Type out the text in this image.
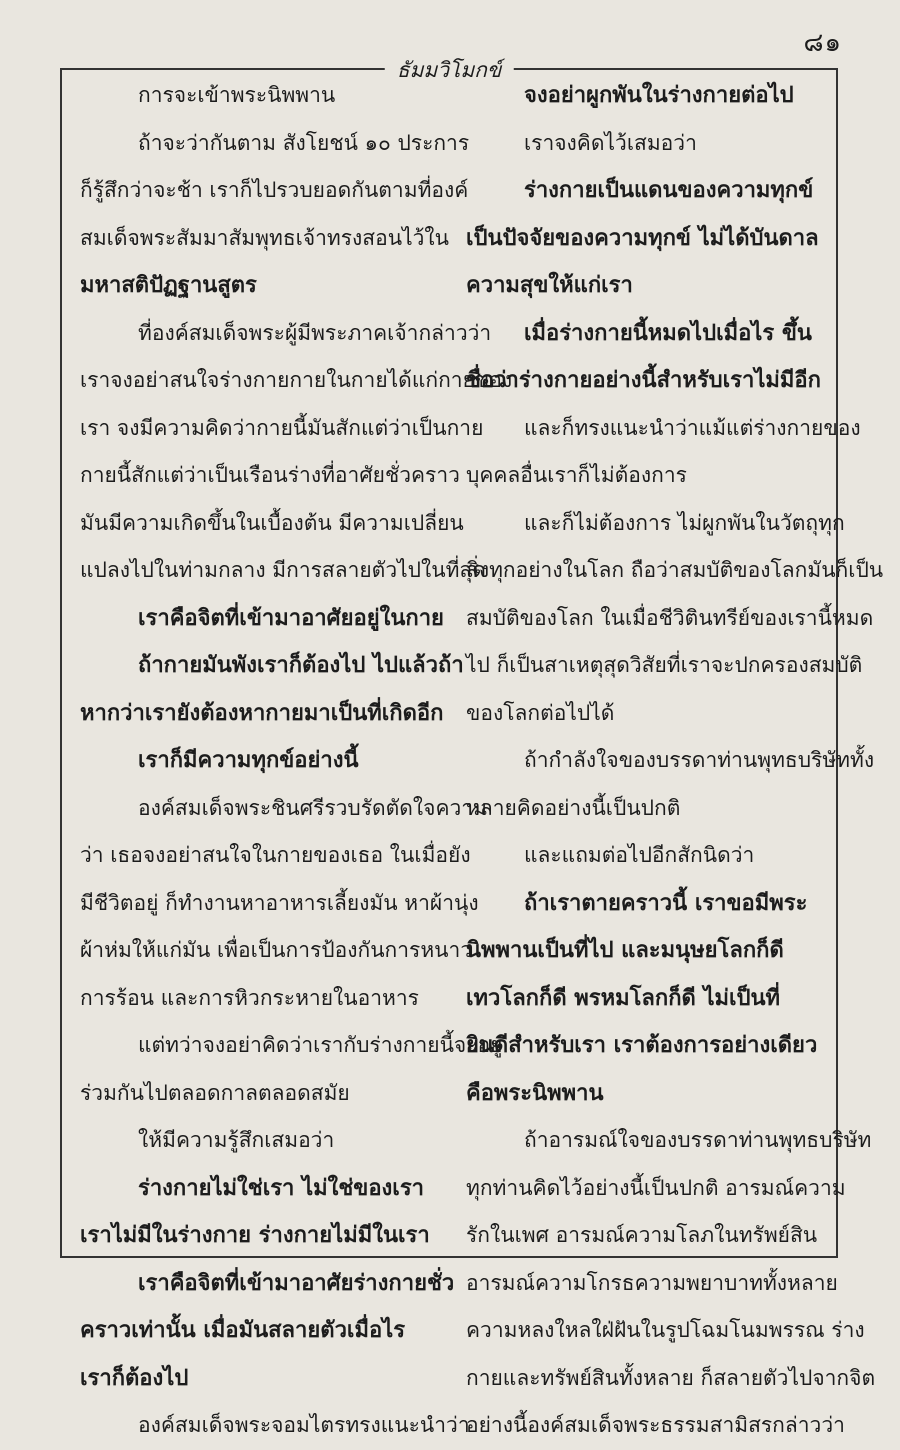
๘๑
ธัมมวิโมกข์
การจะเข้าพระนิพพาน
ถ้าจะว่ากันตาม สังโยชน์ ๑๐ ประการ
ก็รู้สึกว่าจะช้า เราก็ไปรวบยอดกันตามที่องค์
สมเด็จพระสัมมาสัมพุทธเจ้าทรงสอนไว้ใน
มหาสติปัฏฐานสูตร
ที่องค์สมเด็จพระผู้มีพระภาคเจ้ากล่าวว่า
เราจงอย่าสนใจร่างกายกายในกายได้แก่กายของ
เรา จงมีความคิดว่ากายนี้มันสักแต่ว่าเป็นกาย
กายนี้สักแต่ว่าเป็นเรือนร่างที่อาศัยชั่วคราว
มันมีความเกิดขึ้นในเบื้องต้น มีความเปลี่ยน
แปลงไปในท่ามกลาง มีการสลายตัวไปในที่สุด
เราคือจิตที่เข้ามาอาศัยอยู่ในกาย
ถ้ากายมันพังเราก็ต้องไป ไปแล้วถ้า
หากว่าเรายังต้องหากายมาเป็นที่เกิดอีก
เราก็มีความทุกข์อย่างนี้
องค์สมเด็จพระชินศรีรวบรัดตัดใจความ
ว่า เธอจงอย่าสนใจในกายของเธอ ในเมื่อยัง
มีชีวิตอยู่ ก็ทำงานหาอาหารเลี้ยงมัน หาผ้านุ่ง
ผ้าห่มให้แก่มัน เพื่อเป็นการป้องกันการหนาว
การร้อน และการหิวกระหายในอาหาร
แต่ทว่าจงอย่าคิดว่าเรากับร่างกายนี้จะอยู่
ร่วมกันไปตลอดกาลตลอดสมัย
ให้มีความรู้สึกเสมอว่า
ร่างกายไม่ใช่เรา ไม่ใช่ของเรา
เราไม่มีในร่างกาย ร่างกายไม่มีในเรา
เราคือจิตที่เข้ามาอาศัยร่างกายชั่ว
คราวเท่านั้น เมื่อมันสลายตัวเมื่อไร
เราก็ต้องไป
องค์สมเด็จพระจอมไตรทรงแนะนำว่า
จงอย่าผูกพันในร่างกายต่อไป
เราจงคิดไว้เสมอว่า
ร่างกายเป็นแดนของความทุกข์
เป็นปัจจัยของความทุกข์ ไม่ได้บันดาล
ความสุขให้แก่เรา
เมื่อร่างกายนี้หมดไปเมื่อไร ขึ้น
ชื่อว่าร่างกายอย่างนี้สำหรับเราไม่มีอีก
และก็ทรงแนะนำว่าแม้แต่ร่างกายของ
บุคคลอื่นเราก็ไม่ต้องการ
และก็ไม่ต้องการ ไม่ผูกพันในวัตถุทุก
สิ่งทุกอย่างในโลก ถือว่าสมบัติของโลกมันก็เป็น
สมบัติของโลก ในเมื่อชีวิตินทรีย์ของเรานี้หมด
ไป ก็เป็นสาเหตุสุดวิสัยที่เราจะปกครองสมบัติ
ของโลกต่อไปได้
ถ้ากำลังใจของบรรดาท่านพุทธบริษัททั้ง
หลายคิดอย่างนี้เป็นปกติ
และแถมต่อไปอีกสักนิดว่า
ถ้าเราตายคราวนี้ เราขอมีพระ
นิพพานเป็นที่ไป และมนุษยโลกก็ดี
เทวโลกก็ดี พรหมโลกก็ดี ไม่เป็นที่
ยินดีสำหรับเรา เราต้องการอย่างเดียว
คือพระนิพพาน
ถ้าอารมณ์ใจของบรรดาท่านพุทธบริษัท
ทุกท่านคิดไว้อย่างนี้เป็นปกติ อารมณ์ความ
รักในเพศ อารมณ์ความโลภในทรัพย์สิน
อารมณ์ความโกรธความพยาบาททั้งหลาย
ความหลงใหลใฝ่ฝันในรูปโฉมโนมพรรณ ร่าง
กายและทรัพย์สินทั้งหลาย ก็สลายตัวไปจากจิต
อย่างนี้องค์สมเด็จพระธรรมสามิสรกล่าวว่า
